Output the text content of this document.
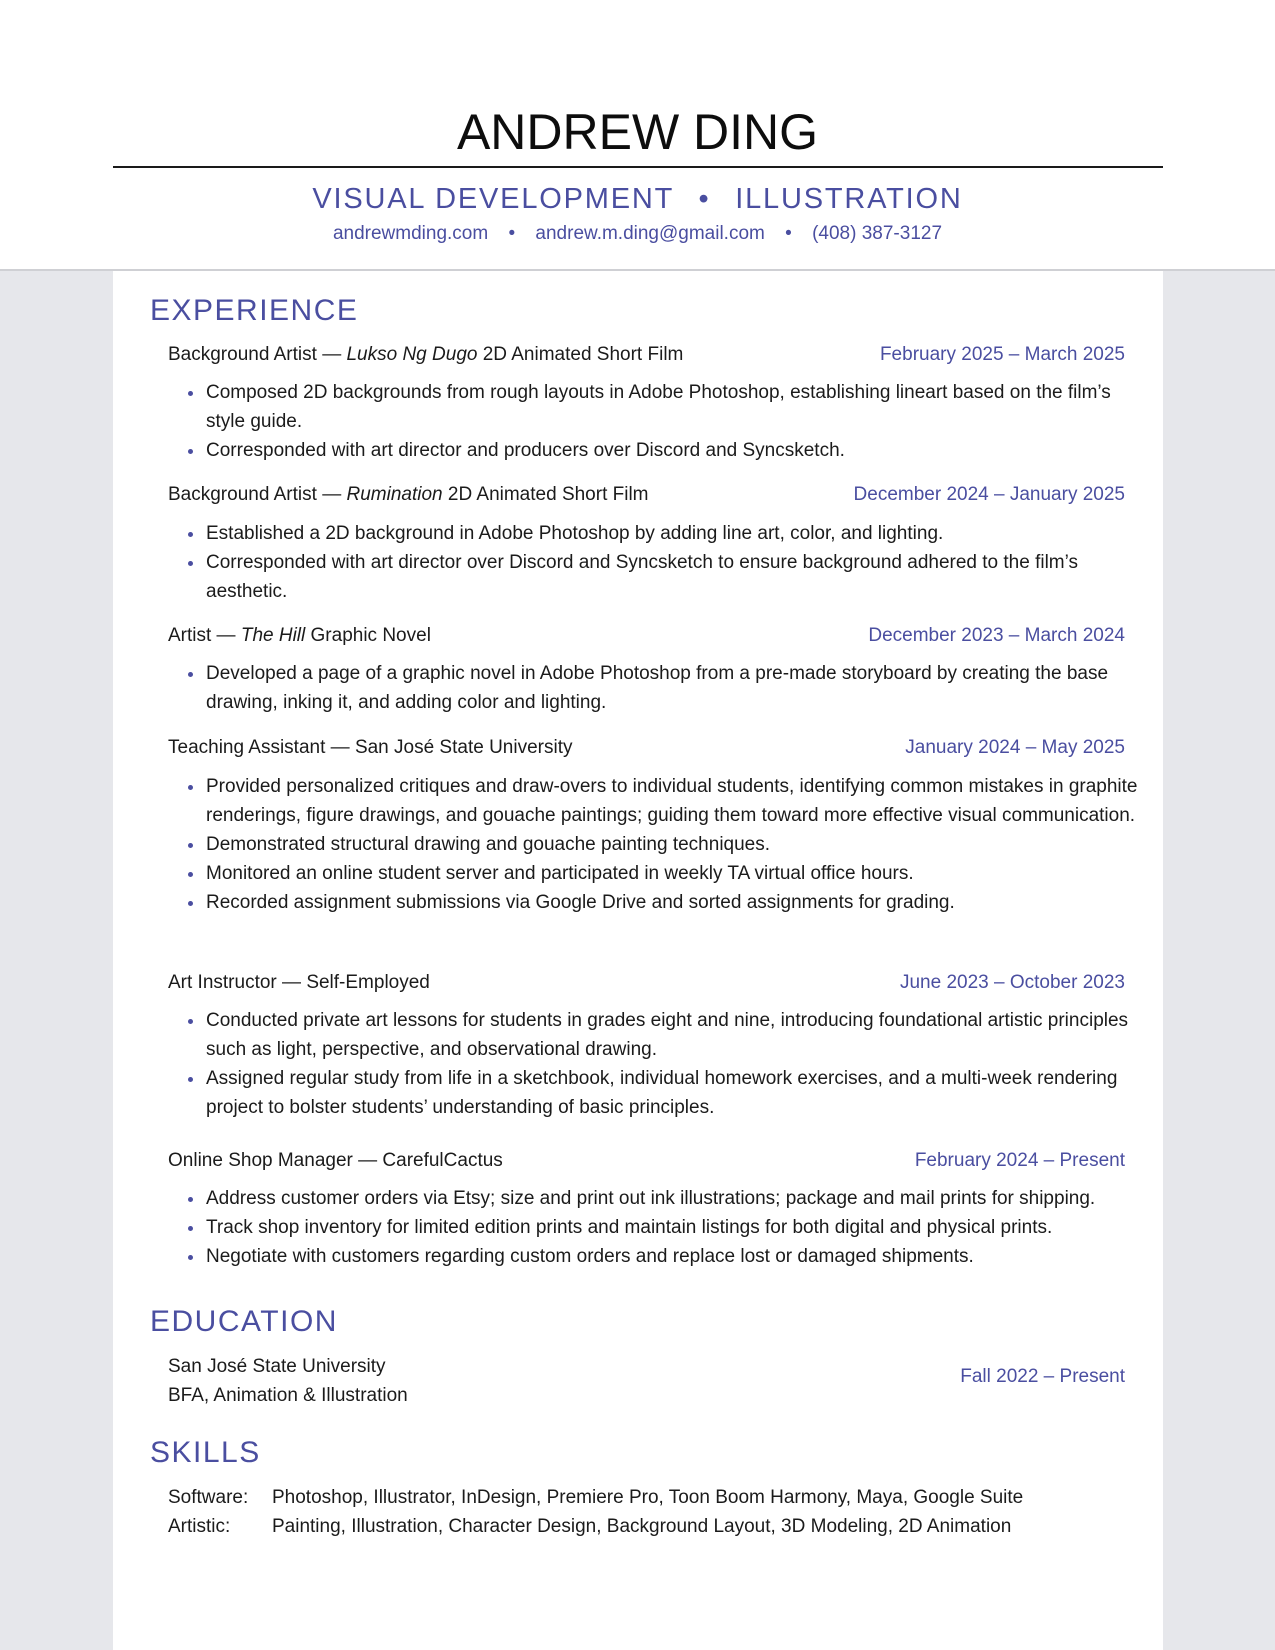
ANDREW DING
VISUAL DEVELOPMENT • ILLUSTRATION
andrewmding.com • andrew.m.ding@gmail.com • (408) 387-3127
EXPERIENCE
Background Artist — Lukso Ng Dugo 2D Animated Short Film	February 2025 – March 2025
Composed 2D backgrounds from rough layouts in Adobe Photoshop, establishing lineart based on the film’s style guide.
Corresponded with art director and producers over Discord and Syncsketch.
Background Artist — Rumination 2D Animated Short Film	December 2024 – January 2025
Established a 2D background in Adobe Photoshop by adding line art, color, and lighting.
Corresponded with art director over Discord and Syncsketch to ensure background adhered to the film’s aesthetic.
Artist — The Hill Graphic Novel	December 2023 – March 2024
Developed a page of a graphic novel in Adobe Photoshop from a pre-made storyboard by creating the base drawing, inking it, and adding color and lighting.
Teaching Assistant — San José State University	January 2024 – May 2025
Provided personalized critiques and draw-overs to individual students, identifying common mistakes in graphite renderings, figure drawings, and gouache paintings; guiding them toward more effective visual communication.
Demonstrated structural drawing and gouache painting techniques.
Monitored an online student server and participated in weekly TA virtual office hours.
Recorded assignment submissions via Google Drive and sorted assignments for grading.
Art Instructor — Self-Employed	June 2023 – October 2023
Conducted private art lessons for students in grades eight and nine, introducing foundational artistic principles such as light, perspective, and observational drawing.
Assigned regular study from life in a sketchbook, individual homework exercises, and a multi-week rendering project to bolster students’ understanding of basic principles.
Online Shop Manager — CarefulCactus	February 2024 – Present
Address customer orders via Etsy; size and print out ink illustrations; package and mail prints for shipping.
Track shop inventory for limited edition prints and maintain listings for both digital and physical prints.
Negotiate with customers regarding custom orders and replace lost or damaged shipments.
EDUCATION
San José State University
BFA, Animation & Illustration
Fall 2022 – Present
SKILLS
Software: Photoshop, Illustrator, InDesign, Premiere Pro, Toon Boom Harmony, Maya, Google Suite
Artistic: Painting, Illustration, Character Design, Background Layout, 3D Modeling, 2D Animation
